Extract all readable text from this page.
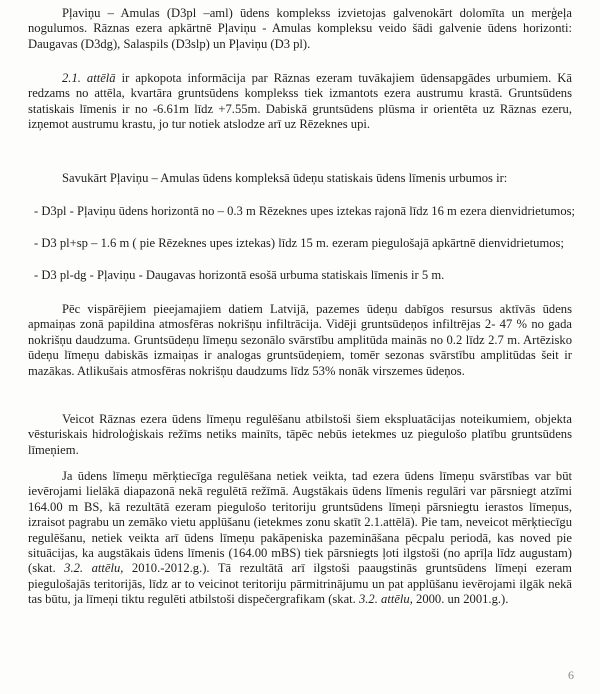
Pļaviņu – Amulas (D3pl –aml) ūdens komplekss izvietojas galvenokārt dolomīta un merģeļa nogulumos. Rāznas ezera apkārtnē Pļaviņu - Amulas kompleksu veido šādi galvenie ūdens horizonti: Daugavas (D3dg), Salaspils (D3slp) un Pļaviņu (D3 pl).

2.1. attēlā ir apkopota informācija par Rāznas ezeram tuvākajiem ūdensapgādes urbumiem. Kā redzams no attēla, kvartāra gruntsūdens komplekss tiek izmantots ezera austrumu krastā. Gruntsūdens statiskais līmenis ir no -6.61m līdz +7.55m. Dabiskā gruntsūdens plūsma ir orientēta uz Rāznas ezeru, izņemot austrumu krastu, jo tur notiek atslodze arī uz Rēzeknes upi.

Savukārt Pļaviņu – Amulas ūdens kompleksā ūdeņu statiskais ūdens līmenis urbumos ir:

- D3pl - Pļaviņu ūdens horizontā no – 0.3 m Rēzeknes upes iztekas rajonā līdz 16 m ezera dienvidrietumos;

- D3 pl+sp – 1.6 m ( pie Rēzeknes upes iztekas) līdz 15 m. ezeram piegulošajā apkārtnē dienvidrietumos;

- D3 pl-dg - Pļaviņu - Daugavas horizontā esošā urbuma statiskais līmenis ir 5 m.

Pēc vispārējiem pieejamajiem datiem Latvijā, pazemes ūdeņu dabīgos resursus aktīvās ūdens apmaiņas zonā papildina atmosfēras nokrišņu infiltrācija. Vidēji gruntsūdeņos infiltrējas 2- 47 % no gada nokrišņu daudzuma. Gruntsūdeņu līmeņu sezonālo svārstību amplitūda mainās no 0.2 līdz 2.7 m. Artēzisko ūdeņu līmeņu dabiskās izmaiņas ir analogas gruntsūdeņiem, tomēr sezonas svārstību amplitūdas šeit ir mazākas. Atlikušais atmosfēras nokrišņu daudzums līdz 53% nonāk virszemes ūdeņos.

Veicot Rāznas ezera ūdens līmeņu regulēšanu atbilstoši šiem ekspluatācijas noteikumiem, objekta vēsturiskais hidroloģiskais režīms netiks mainīts, tāpēc nebūs ietekmes uz piegulošo platību gruntsūdens līmeņiem.

Ja ūdens līmeņu mērķtiecīga regulēšana netiek veikta, tad ezera ūdens līmeņu svārstības var būt ievērojami lielākā diapazonā nekā regulētā režīmā. Augstākais ūdens līmenis regulāri var pārsniegt atzīmi 164.00 m BS, kā rezultātā ezeram piegulošo teritoriju gruntsūdens līmeņi pārsniegtu ierastos līmeņus, izraisot pagrabu un zemāko vietu applūšanu (ietekmes zonu skatīt 2.1.attēlā). Pie tam, neveicot mērķtiecīgu regulēšanu, netiek veikta arī ūdens līmeņu pakāpeniska pazemināšana pēcpalu periodā, kas noved pie situācijas, ka augstākais ūdens līmenis (164.00 mBS) tiek pārsniegts ļoti ilgstoši (no aprīļa līdz augustam) (skat. 3.2. attēlu, 2010.-2012.g.). Tā rezultātā arī ilgstoši paaugstinās gruntsūdens līmeņi ezeram piegulošajās teritorijās, līdz ar to veicinot teritoriju pārmitrinājumu un pat applūšanu ievērojami ilgāk nekā tas būtu, ja līmeņi tiktu regulēti atbilstoši dispečergrafikam (skat. 3.2. attēlu, 2000. un 2001.g.).

6
